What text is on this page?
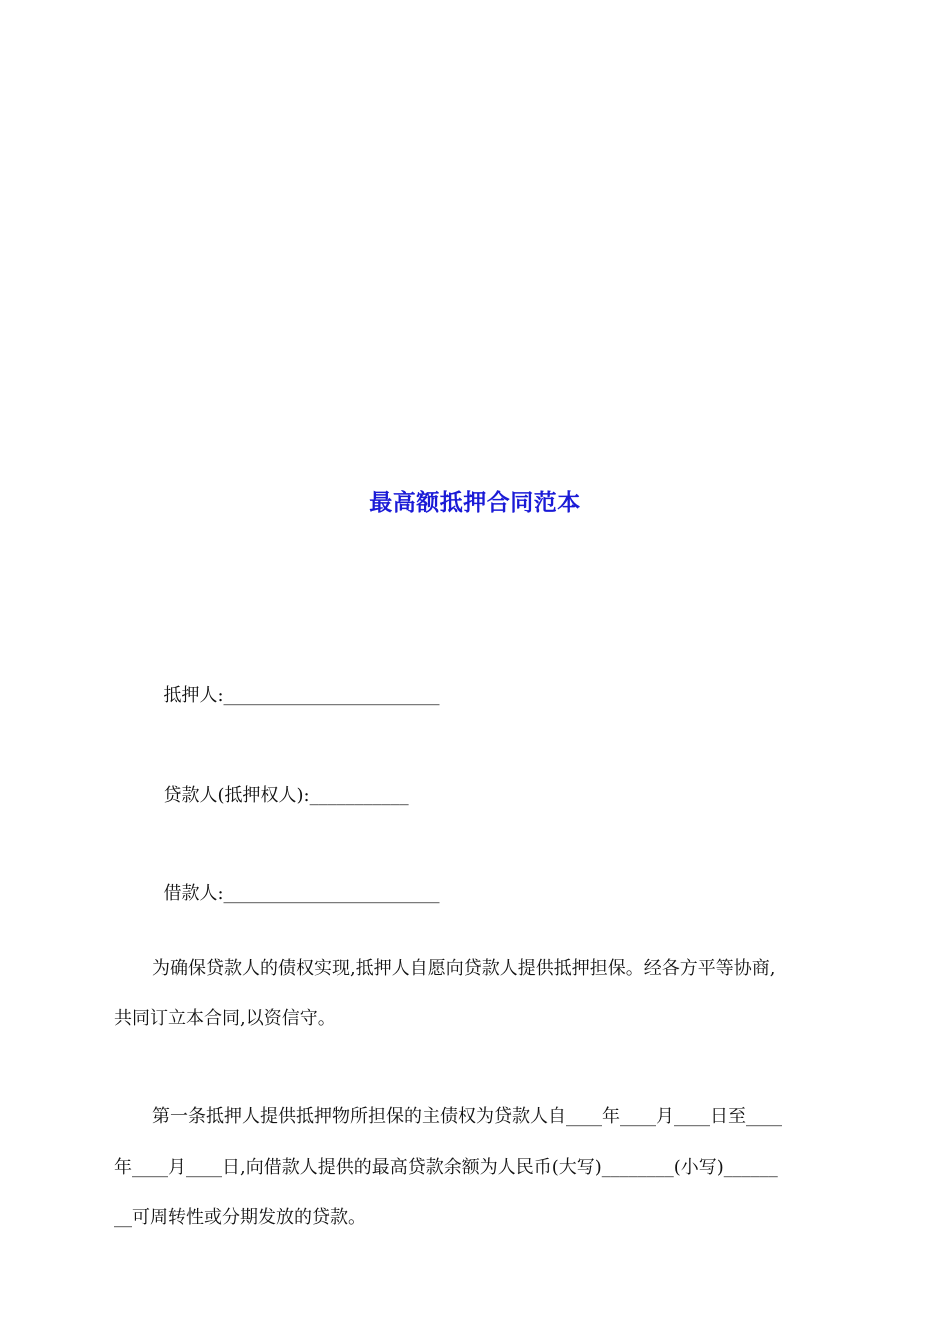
最高额抵押合同范本

抵押人:________________________

贷款人(抵押权人):___________

借款人:________________________

为确保贷款人的债权实现,抵押人自愿向贷款人提供抵押担保。经各方平等协商,
共同订立本合同,以资信守。
第一条抵押人提供抵押物所担保的主债权为贷款人自____年____月____日至____
年____月____日,向借款人提供的最高贷款余额为人民币(大写)________(小写)______
__可周转性或分期发放的贷款。
